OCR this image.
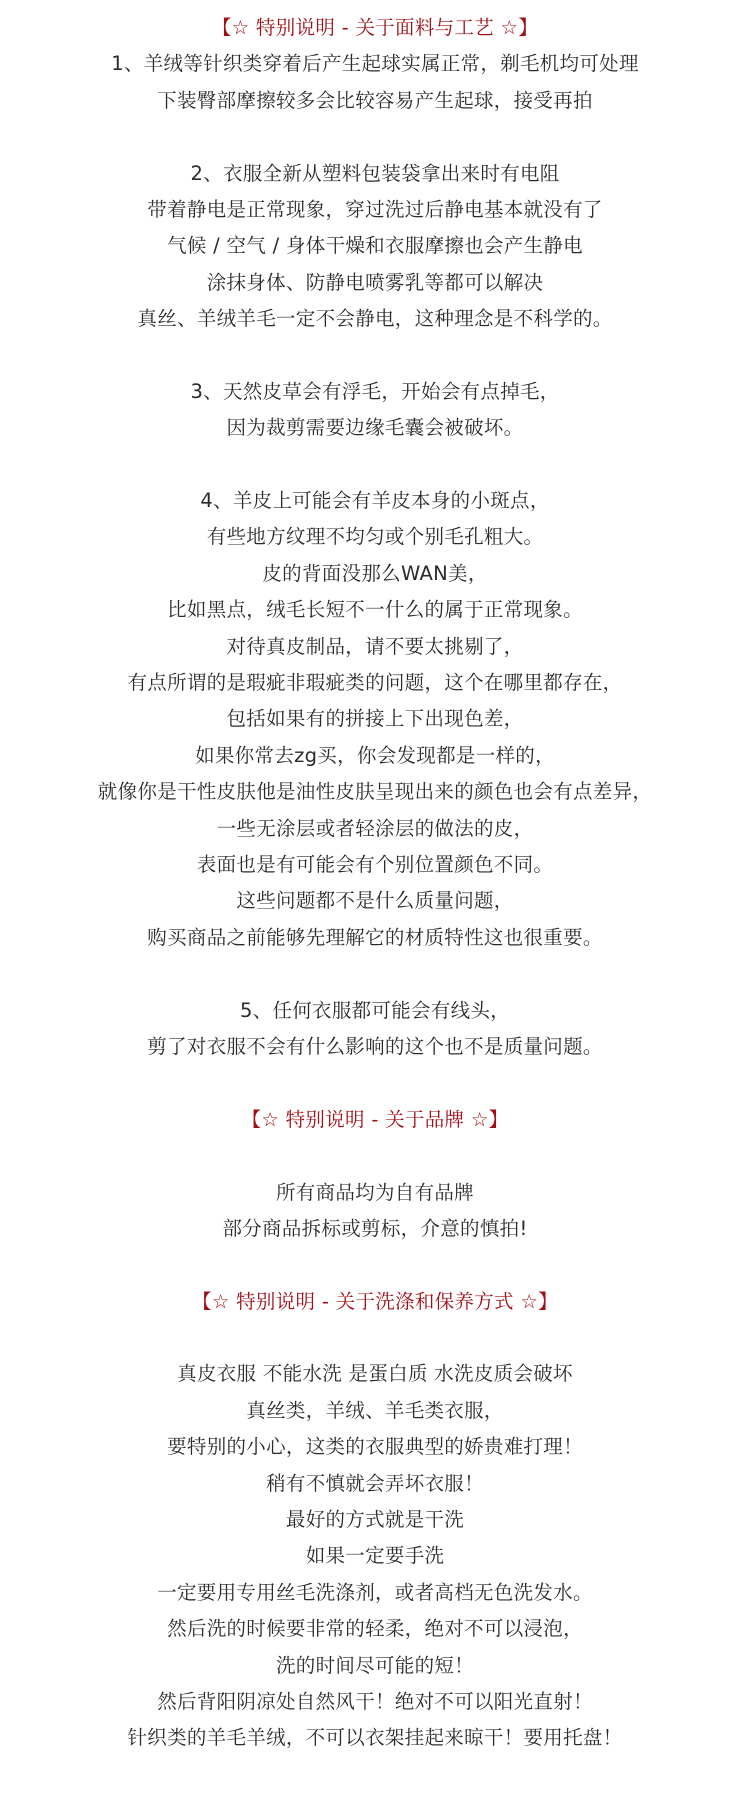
【☆ 特别说明 - 关于面料与工艺 ☆】
1、羊绒等针织类穿着后产生起球实属正常，剃毛机均可处理
下装臀部摩擦较多会比较容易产生起球，接受再拍
2、衣服全新从塑料包装袋拿出来时有电阻
带着静电是正常现象，穿过洗过后静电基本就没有了
气候 / 空气 / 身体干燥和衣服摩擦也会产生静电
涂抹身体、防静电喷雾乳等都可以解决
真丝、羊绒羊毛一定不会静电，这种理念是不科学的。
3、天然皮草会有浮毛，开始会有点掉毛，
因为裁剪需要边缘毛囊会被破坏。
4、羊皮上可能会有羊皮本身的小斑点，
有些地方纹理不均匀或个别毛孔粗大。
皮的背面没那么WAN美，
比如黑点，绒毛长短不一什么的属于正常现象。
对待真皮制品，请不要太挑剔了，
有点所谓的是瑕疵非瑕疵类的问题，这个在哪里都存在，
包括如果有的拼接上下出现色差，
如果你常去zg买，你会发现都是一样的，
就像你是干性皮肤他是油性皮肤呈现出来的颜色也会有点差异，
一些无涂层或者轻涂层的做法的皮，
表面也是有可能会有个别位置颜色不同。
这些问题都不是什么质量问题，
购买商品之前能够先理解它的材质特性这也很重要。
5、任何衣服都可能会有线头，
剪了对衣服不会有什么影响的这个也不是质量问题。
【☆ 特别说明 - 关于品牌 ☆】
所有商品均为自有品牌
部分商品拆标或剪标，介意的慎拍!
【☆ 特别说明 - 关于洗涤和保养方式 ☆】
真皮衣服 不能水洗 是蛋白质 水洗皮质会破坏
真丝类，羊绒、羊毛类衣服，
要特别的小心，这类的衣服典型的娇贵难打理！
稍有不慎就会弄坏衣服！
最好的方式就是干洗
如果一定要手洗
一定要用专用丝毛洗涤剂，或者高档无色洗发水。
然后洗的时候要非常的轻柔，绝对不可以浸泡，
洗的时间尽可能的短！
然后背阳阴凉处自然风干！绝对不可以阳光直射！
针织类的羊毛羊绒，不可以衣架挂起来晾干！要用托盘！
